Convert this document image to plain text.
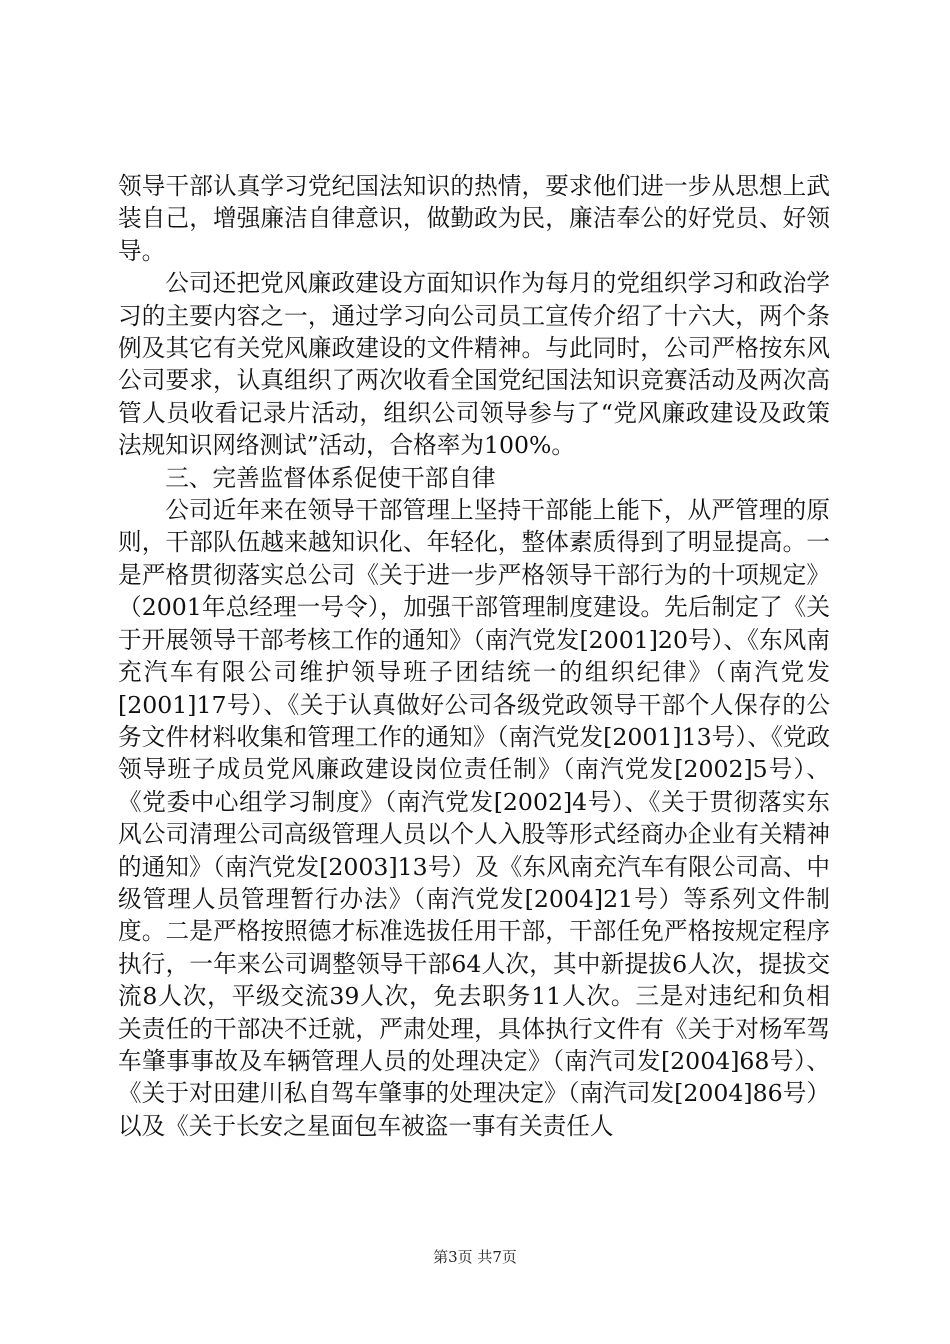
领导干部认真学习党纪国法知识的热情，要求他们进一步从思想上武装自己，增强廉洁自律意识，做勤政为民，廉洁奉公的好党员、好领导。

公司还把党风廉政建设方面知识作为每月的党组织学习和政治学习的主要内容之一，通过学习向公司员工宣传介绍了十六大，两个条例及其它有关党风廉政建设的文件精神。与此同时，公司严格按东风公司要求，认真组织了两次收看全国党纪国法知识竞赛活动及两次高管人员收看记录片活动，组织公司领导参与了“党风廉政建设及政策法规知识网络测试”活动，合格率为100%。

三、完善监督体系促使干部自律

公司近年来在领导干部管理上坚持干部能上能下，从严管理的原则，干部队伍越来越知识化、年轻化，整体素质得到了明显提高。一是严格贯彻落实总公司《关于进一步严格领导干部行为的十项规定》（2001年总经理一号令），加强干部管理制度建设。先后制定了《关于开展领导干部考核工作的通知》（南汽党发[2001]20号）、《东风南充汽车有限公司维护领导班子团结统一的组织纪律》（南汽党发[2001]17号）、《关于认真做好公司各级党政领导干部个人保存的公务文件材料收集和管理工作的通知》（南汽党发[2001]13号）、《党政领导班子成员党风廉政建设岗位责任制》（南汽党发[2002]5号）、《党委中心组学习制度》（南汽党发[2002]4号）、《关于贯彻落实东风公司清理公司高级管理人员以个人入股等形式经商办企业有关精神的通知》（南汽党发[2003]13号）及《东风南充汽车有限公司高、中级管理人员管理暂行办法》（南汽党发[2004]21号）等系列文件制度。二是严格按照德才标准选拔任用干部，干部任免严格按规定程序执行，一年来公司调整领导干部64人次，其中新提拔6人次，提拔交流8人次，平级交流39人次，免去职务11人次。三是对违纪和负相关责任的干部决不迁就，严肃处理，具体执行文件有《关于对杨军驾车肇事事故及车辆管理人员的处理决定》（南汽司发[2004]68号）、《关于对田建川私自驾车肇事的处理决定》（南汽司发[2004]86号）以及《关于长安之星面包车被盗一事有关责任人

第3页 共7页
